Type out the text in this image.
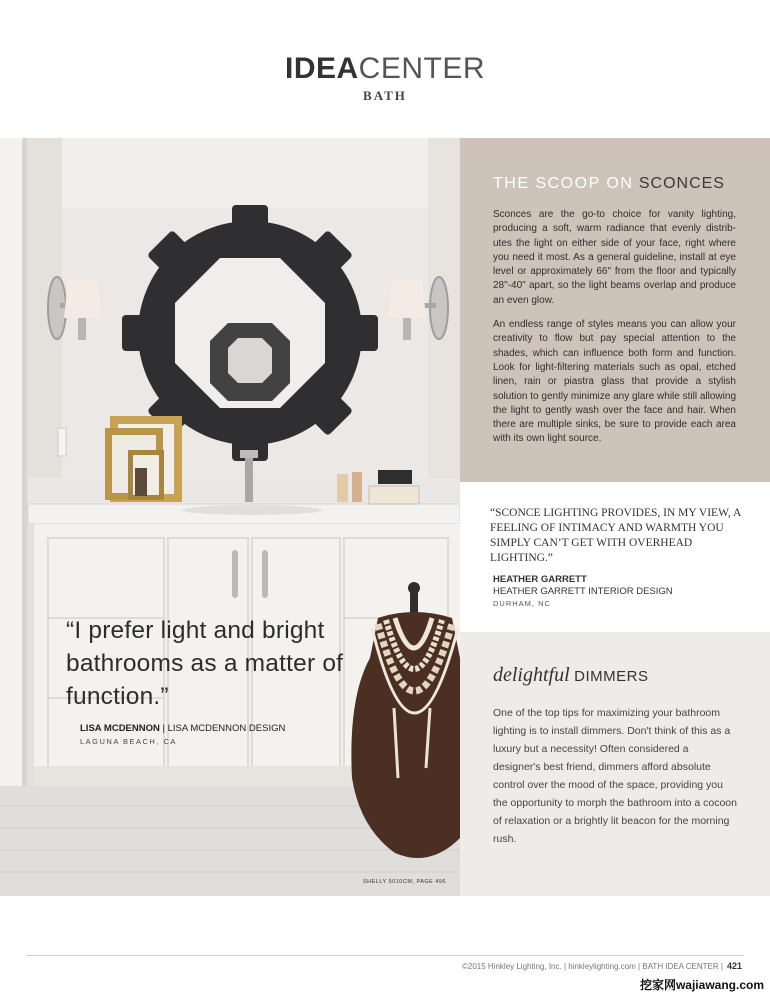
IDEACENTER
BATH
“I prefer light and bright bathrooms as a matter of function.”
LISA MCDENNON | LISA MCDENNON DESIGN
LAGUNA BEACH, CA
SHELLY 5010CM, PAGE 496
THE SCOOP ON SCONCES

Sconces are the go-to choice for vanity lighting, producing a soft, warm radiance that evenly distrib-utes the light on either side of your face, right where you need it most. As a general guideline, install at eye level or approximately 66" from the floor and typically 28"-40" apart, so the light beams overlap and produce an even glow.

An endless range of styles means you can allow your creativity to flow but pay special attention to the shades, which can influence both form and function. Look for light-filtering materials such as opal, etched linen, rain or piastra glass that provide a stylish solution to gently minimize any glare while still allowing the light to gently wash over the face and hair. When there are multiple sinks, be sure to provide each area with its own light source.

“SCONCE LIGHTING PROVIDES, IN MY VIEW, A FEELING OF INTIMACY AND WARMTH YOU SIMPLY CAN’T GET WITH OVERHEAD LIGHTING.”
HEATHER GARRETT
HEATHER GARRETT INTERIOR DESIGN
DURHAM, NC
delightful DIMMERS
One of the top tips for maximizing your bathroom lighting is to install dimmers. Don't think of this as a luxury but a necessity! Often considered a designer's best friend, dimmers afford absolute control over the mood of the space, providing you the opportunity to morph the bathroom into a cocoon of relaxation or a brightly lit beacon for the morning rush.
©2015 Hinkley Lighting, Inc. | hinkleylighting.com | BATH IDEA CENTER | 421
挖家网wajiawang.com
